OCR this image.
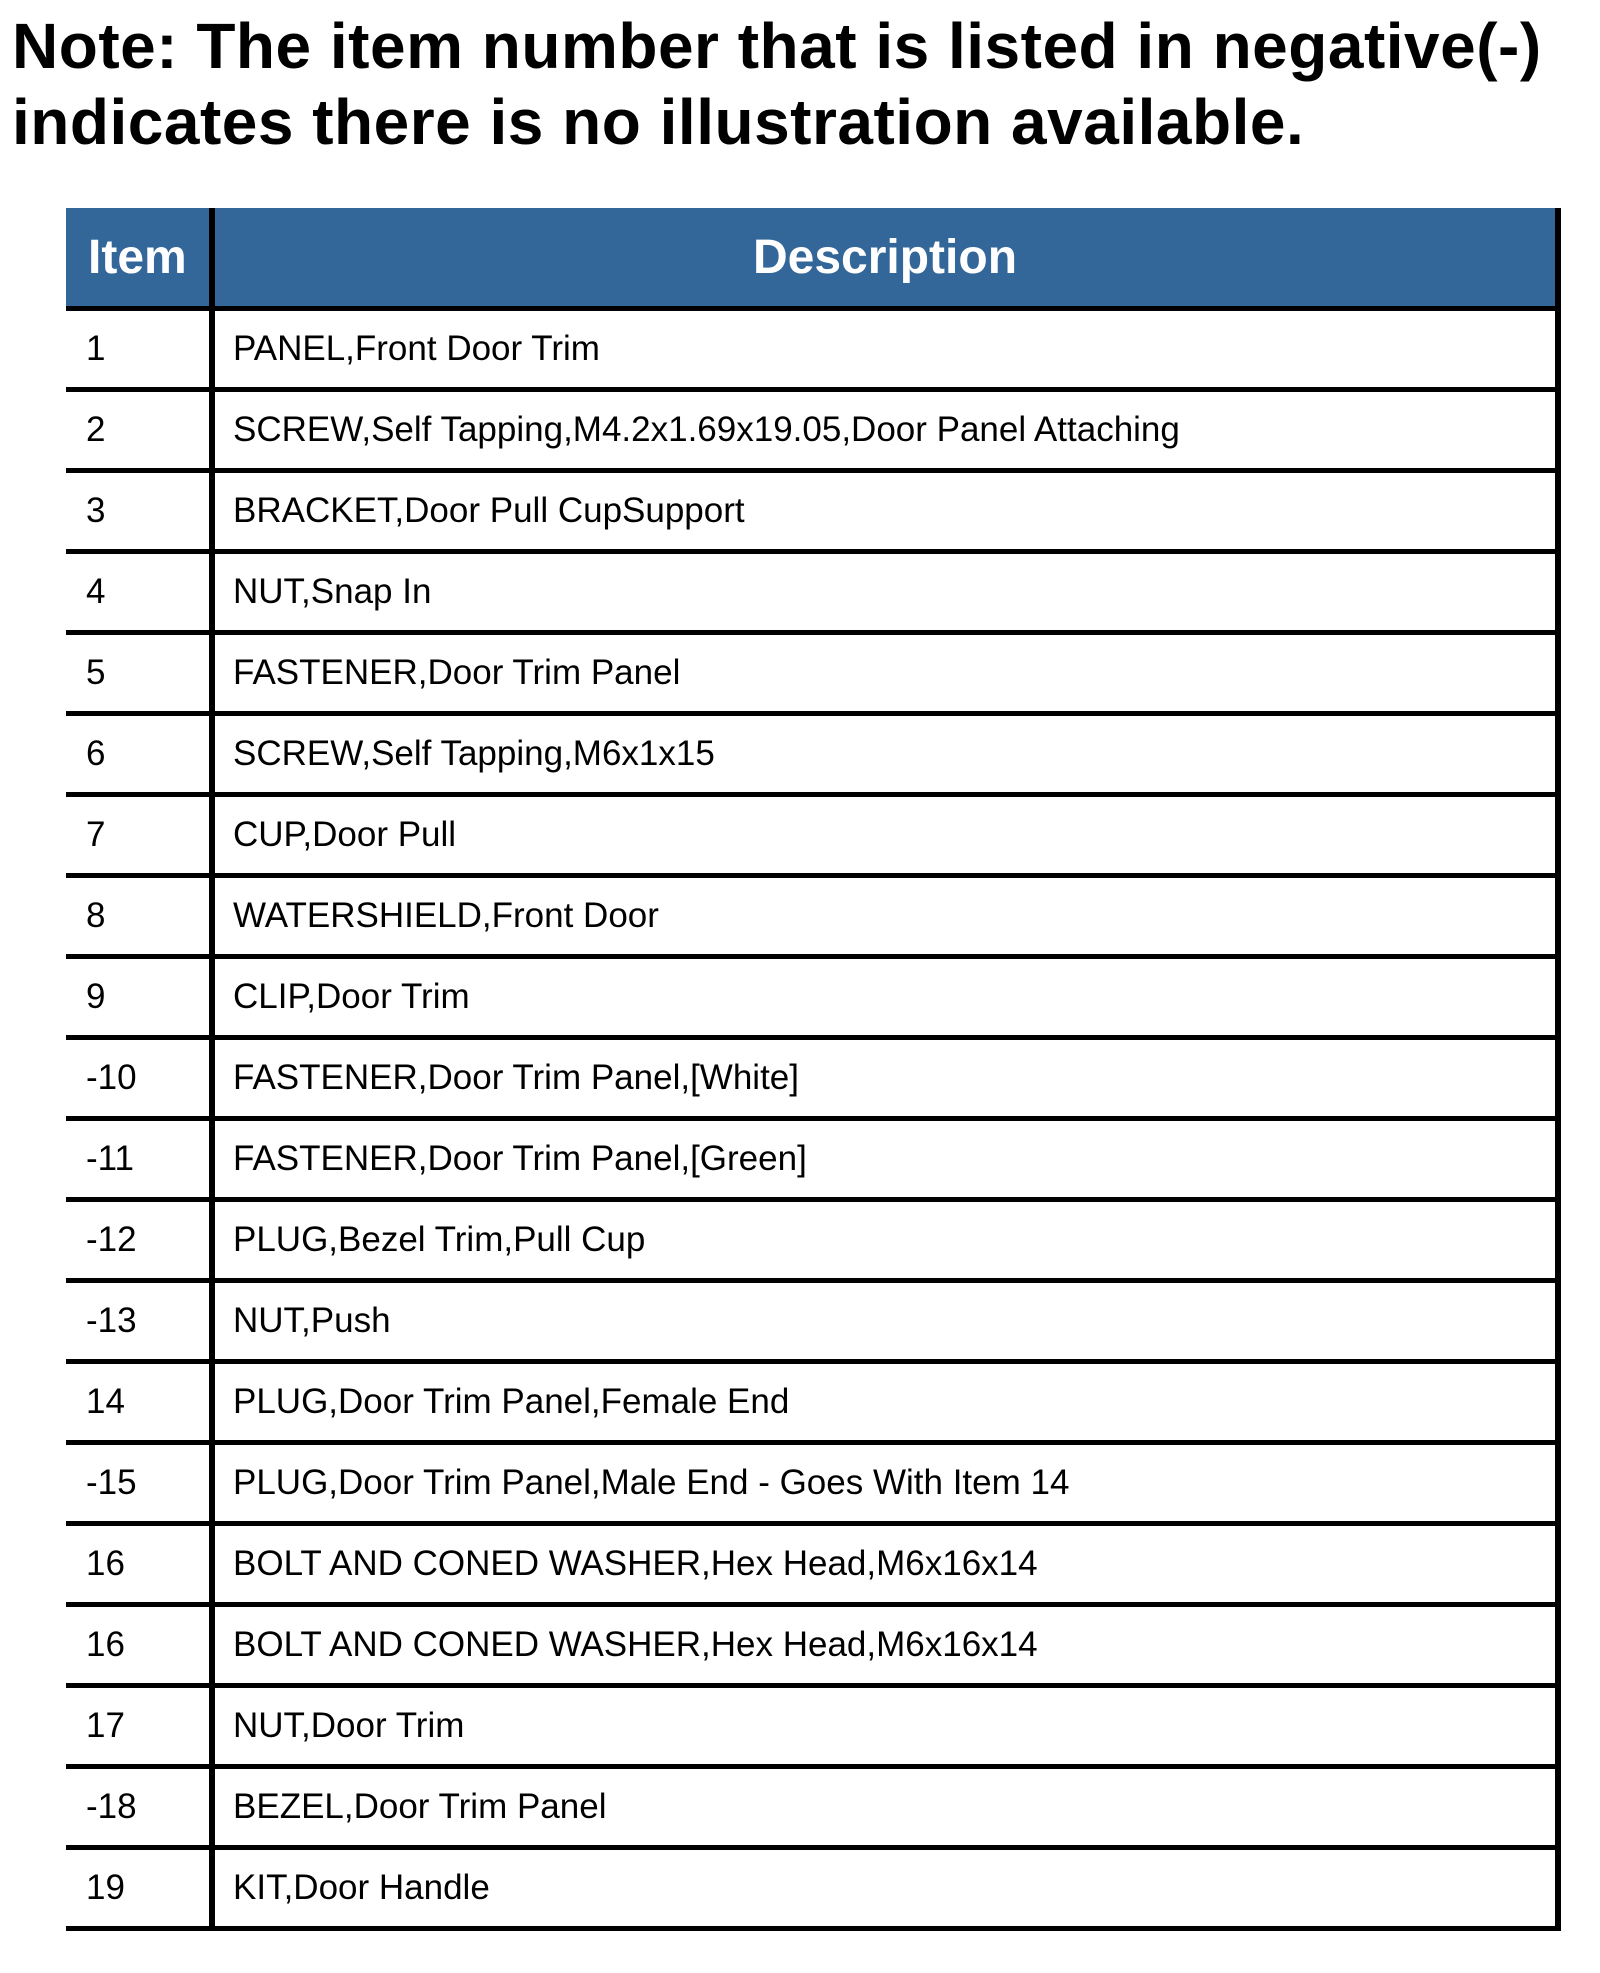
Note: The item number that is listed in negative(-)
indicates there is no illustration available.
Item	Description
1	PANEL,Front Door Trim
2	SCREW,Self Tapping,M4.2x1.69x19.05,Door Panel Attaching
3	BRACKET,Door Pull CupSupport
4	NUT,Snap In
5	FASTENER,Door Trim Panel
6	SCREW,Self Tapping,M6x1x15
7	CUP,Door Pull
8	WATERSHIELD,Front Door
9	CLIP,Door Trim
-10	FASTENER,Door Trim Panel,[White]
-11	FASTENER,Door Trim Panel,[Green]
-12	PLUG,Bezel Trim,Pull Cup
-13	NUT,Push
14	PLUG,Door Trim Panel,Female End
-15	PLUG,Door Trim Panel,Male End - Goes With Item 14
16	BOLT AND CONED WASHER,Hex Head,M6x16x14
16	BOLT AND CONED WASHER,Hex Head,M6x16x14
17	NUT,Door Trim
-18	BEZEL,Door Trim Panel
19	KIT,Door Handle
